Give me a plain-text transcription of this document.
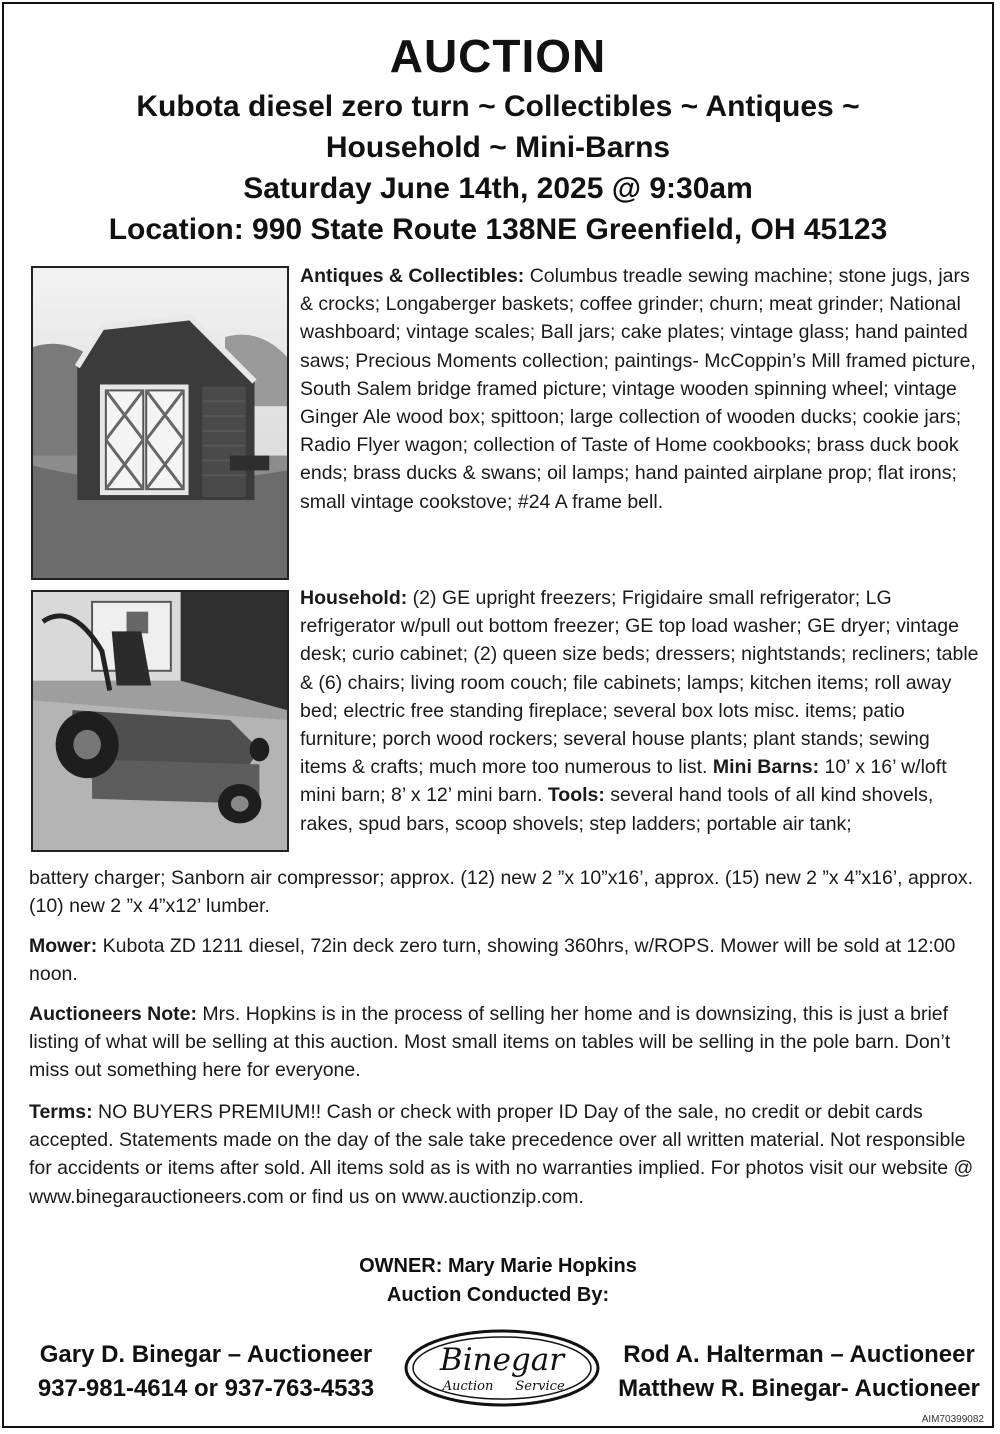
AUCTION
Kubota diesel zero turn ~ Collectibles ~ Antiques ~
Household ~ Mini-Barns
Saturday June 14th, 2025 @ 9:30am
Location: 990 State Route 138NE Greenfield, OH 45123
Antiques & Collectibles: Columbus treadle sewing machine; stone jugs, jars & crocks; Longaberger baskets; coffee grinder; churn; meat grinder; National washboard; vintage scales; Ball jars; cake plates; vintage glass; hand painted saws; Precious Moments collection; paintings- McCoppin’s Mill framed picture, South Salem bridge framed picture; vintage wooden spinning wheel; vintage Ginger Ale wood box; spittoon; large collection of wooden ducks; cookie jars; Radio Flyer wagon; collection of Taste of Home cookbooks; brass duck book ends; brass ducks & swans; oil lamps; hand painted airplane prop; flat irons; small vintage cookstove; #24 A frame bell.
Household: (2) GE upright freezers; Frigidaire small refrigerator; LG refrigerator w/pull out bottom freezer; GE top load washer; GE dryer; vintage desk; curio cabinet; (2) queen size beds; dressers; nightstands; recliners; table & (6) chairs; living room couch; file cabinets; lamps; kitchen items; roll away bed; electric free standing fireplace; several box lots misc. items; patio furniture; porch wood rockers; several house plants; plant stands; sewing items & crafts; much more too numerous to list. Mini Barns: 10’ x 16’ w/loft mini barn; 8’ x 12’ mini barn. Tools: several hand tools of all kind shovels, rakes, spud bars, scoop shovels; step ladders; portable air tank;
battery charger; Sanborn air compressor; approx. (12) new 2 ”x 10”x16’, approx. (15) new 2 ”x 4”x16’, approx. (10) new 2 ”x 4”x12’ lumber.
Mower: Kubota ZD 1211 diesel, 72in deck zero turn, showing 360hrs, w/ROPS. Mower will be sold at 12:00 noon.
Auctioneers Note: Mrs. Hopkins is in the process of selling her home and is downsizing, this is just a brief listing of what will be selling at this auction. Most small items on tables will be selling in the pole barn. Don’t miss out something here for everyone.
Terms: NO BUYERS PREMIUM!! Cash or check with proper ID Day of the sale, no credit or debit cards accepted. Statements made on the day of the sale take precedence over all written material. Not responsible for accidents or items after sold. All items sold as is with no warranties implied. For photos visit our website @ www.binegarauctioneers.com or find us on www.auctionzip.com.
OWNER: Mary Marie Hopkins
Auction Conducted By:
Gary D. Binegar – Auctioneer
937-981-4614 or 937-763-4533
Binegar
Auction Service
Rod A. Halterman – Auctioneer
Matthew R. Binegar- Auctioneer
AIM70399082
